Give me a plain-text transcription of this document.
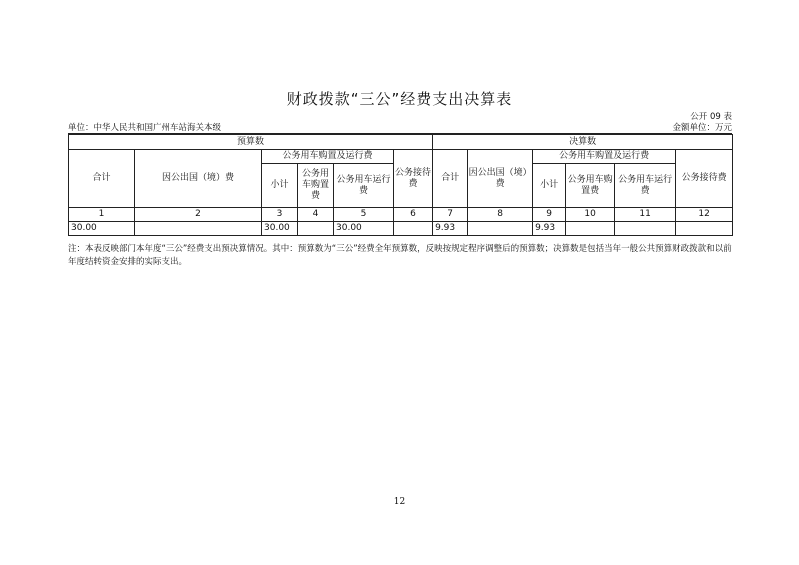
财政拨款“三公”经费支出决算表
公开 09 表
单位：中华人民共和国广州车站海关本级	金额单位：万元
预算数						决算数					
合计	因公出国（境）费	公务用车购置及运行费			公务接待费	合计	因公出国（境）费	公务用车购置及运行费			公务接待费
		小计	公务用车购置费	公务用车运行费				小计	公务用车购置费	公务用车运行费	
1	2	3	4	5	6	7	8	9	10	11	12
30.00		30.00		30.00		9.93		9.93			
注：本表反映部门本年度“三公”经费支出预决算情况。其中：预算数为“三公”经费全年预算数，反映按规定程序调整后的预算数；决算数是包括当年一般公共预算财政拨款和以前年度结转资金安排的实际支出。
12
